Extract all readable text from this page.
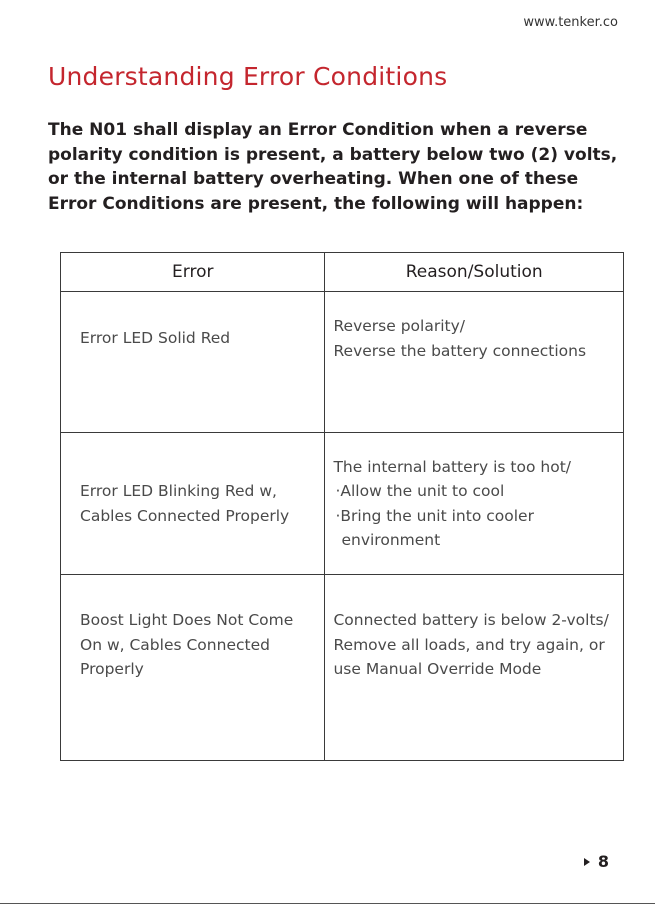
www.tenker.co
Understanding Error Conditions

The N01 shall display an Error Condition when a reverse polarity condition is present, a battery below two (2) volts, or the internal battery overheating. When one of these Error Conditions are present, the following will happen:

Error	Reason/Solution

Error LED Solid Red	Reverse polarity/
Reverse the battery connections

Error LED Blinking Red w,
Cables Connected Properly	The internal battery is too hot/
·Allow the unit to cool
·Bring the unit into cooler
environment

Boost Light Does Not Come
On w, Cables Connected
Properly	Connected battery is below 2-volts/
Remove all loads, and try again, or
use Manual Override Mode
8
